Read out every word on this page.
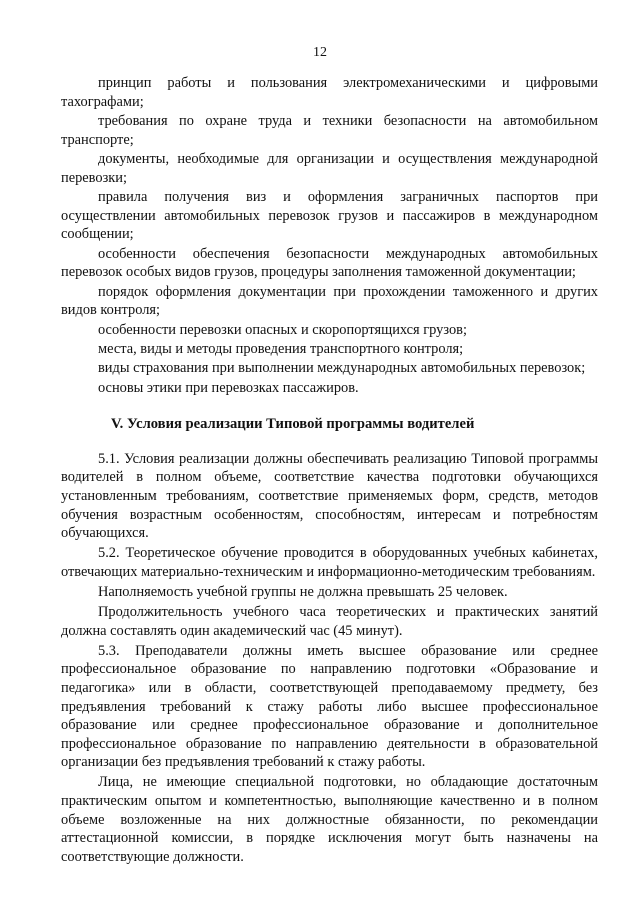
12

принцип работы и пользования электромеханическими и цифровыми тахографами;

требования по охране труда и техники безопасности на автомобильном транспорте;

документы, необходимые для организации и осуществления международной перевозки;

правила получения виз и оформления заграничных паспортов при осуществлении автомобильных перевозок грузов и пассажиров в международном сообщении;

особенности обеспечения безопасности международных автомобильных перевозок особых видов грузов, процедуры заполнения таможенной документации;

порядок оформления документации при прохождении таможенного и других видов контроля;

особенности перевозки опасных и скоропортящихся грузов;

места, виды и методы проведения транспортного контроля;

виды страхования при выполнении международных автомобильных перевозок;

основы этики при перевозках пассажиров.

V. Условия реализации Типовой программы водителей

5.1. Условия реализации должны обеспечивать реализацию Типовой программы водителей в полном объеме, соответствие качества подготовки обучающихся установленным требованиям, соответствие применяемых форм, средств, методов обучения возрастным особенностям, способностям, интересам и потребностям обучающихся.

5.2. Теоретическое обучение проводится в оборудованных учебных кабинетах, отвечающих материально-техническим и информационно-методическим требованиям.

Наполняемость учебной группы не должна превышать 25 человек.

Продолжительность учебного часа теоретических и практических занятий должна составлять один академический час (45 минут).

5.3. Преподаватели должны иметь высшее образование или среднее профессиональное образование по направлению подготовки «Образование и педагогика» или в области, соответствующей преподаваемому предмету, без предъявления требований к стажу работы либо высшее профессиональное образование или среднее профессиональное образование и дополнительное профессиональное образование по направлению деятельности в образовательной организации без предъявления требований к стажу работы.

Лица, не имеющие специальной подготовки, но обладающие достаточным практическим опытом и компетентностью, выполняющие качественно и в полном объеме возложенные на них должностные обязанности, по рекомендации аттестационной комиссии, в порядке исключения могут быть назначены на соответствующие должности.
